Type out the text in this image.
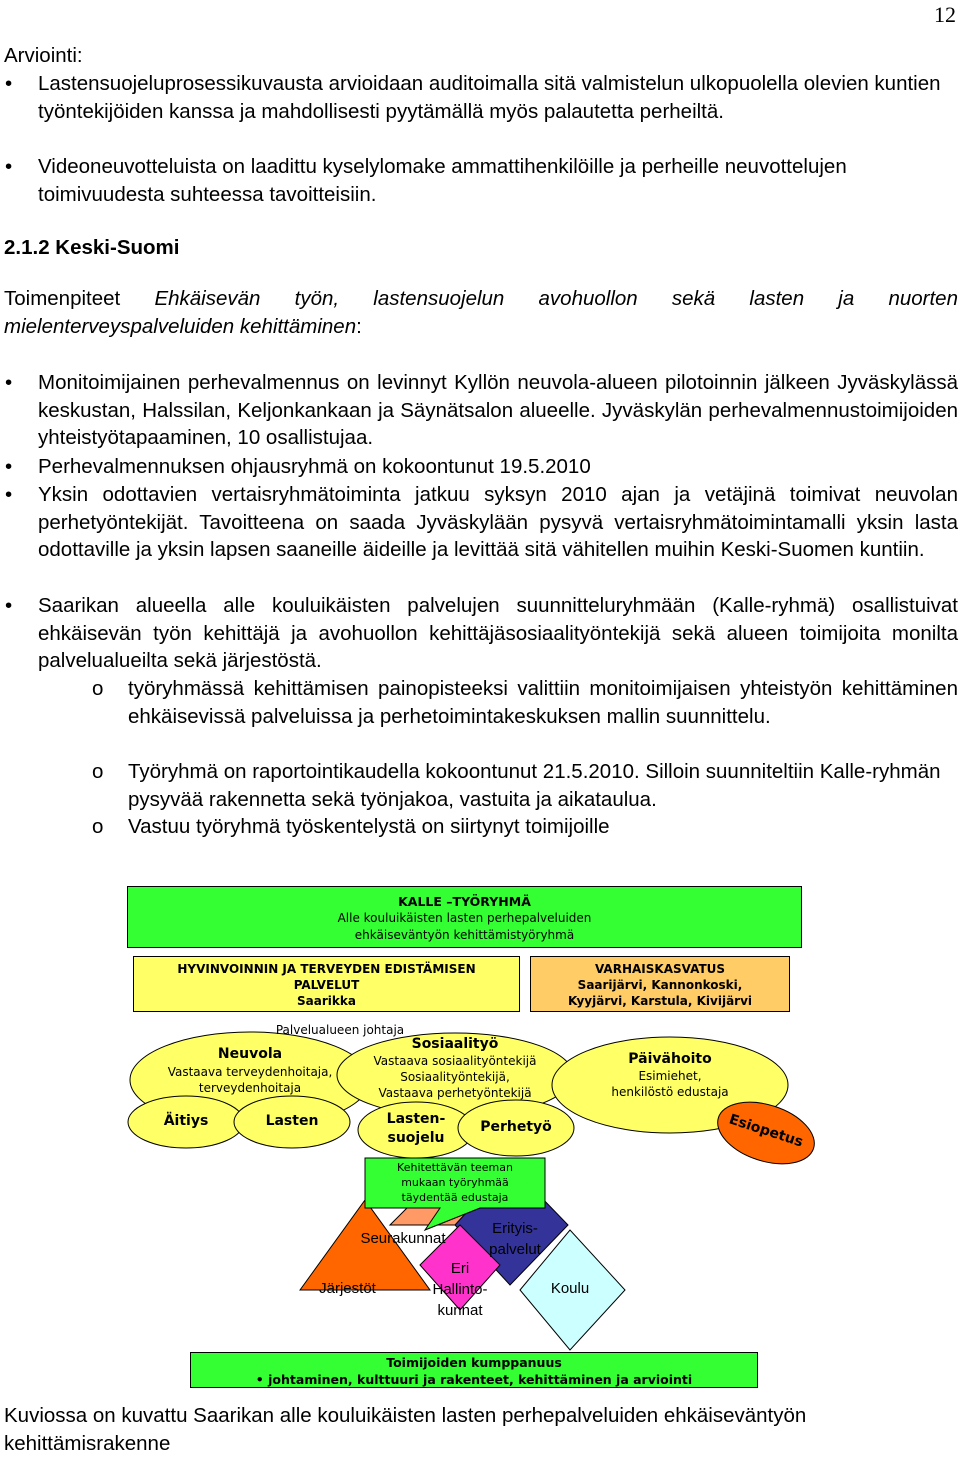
12
Arviointi:
• Lastensuojeluprosessikuvausta arvioidaan auditoimalla sitä valmistelun ulkopuolella olevien kuntien työntekijöiden kanssa ja mahdollisesti pyytämällä myös palautetta perheiltä.
• Videoneuvotteluista on laadittu kyselylomake ammattihenkilöille ja perheille neuvottelujen toimivuudesta suhteessa tavoitteisiin.
2.1.2 Keski-Suomi
Toimenpiteet Ehkäisevän työn, lastensuojelun avohuollon sekä lasten ja nuorten mielenterveyspalveluiden kehittäminen:
• Monitoimijainen perhevalmennus on levinnyt Kyllön neuvola-alueen pilotoinnin jälkeen Jyväskylässä keskustan, Halssilan, Keljonkankaan ja Säynätsalon alueelle. Jyväskylän perhevalmennustoimijoiden yhteistyötapaaminen, 10 osallistujaa.
• Perhevalmennuksen ohjausryhmä on kokoontunut 19.5.2010
• Yksin odottavien vertaisryhmätoiminta jatkuu syksyn 2010 ajan ja vetäjinä toimivat neuvolan perhetyöntekijät. Tavoitteena on saada Jyväskylään pysyvä vertaisryhmätoimintamalli yksin lasta odottaville ja yksin lapsen saaneille äideille ja levittää sitä vähitellen muihin Keski-Suomen kuntiin.
• Saarikan alueella alle kouluikäisten palvelujen suunnitteluryhmään (Kalle-ryhmä) osallistuivat ehkäisevän työn kehittäjä ja avohuollon kehittäjäsosiaalityöntekijä sekä alueen toimijoita monilta palvelualueilta sekä järjestöstä.
o työryhmässä kehittämisen painopisteeksi valittiin monitoimijaisen yhteistyön kehittäminen ehkäisevissä palveluissa ja perhetoimintakeskuksen mallin suunnittelu.
o Työryhmä on raportointikaudella kokoontunut 21.5.2010. Silloin suunniteltiin Kalle-ryhmän pysyvää rakennetta sekä työnjakoa, vastuita ja aikataulua.
o Vastuu työryhmä työskentelystä on siirtynyt toimijoille
KALLE –TYÖRYHMÄ
Alle kouluikäisten lasten perhepalveluiden
ehkäiseväntyön kehittämistyöryhmä
HYVINVOINNIN JA TERVEYDEN EDISTÄMISEN
PALVELUT
Saarikka
VARHAISKASVATUS
Saarijärvi, Kannonkoski,
Kyyjärvi, Karstula, Kivijärvi
Palvelualueen johtaja
Neuvola
Vastaava terveydenhoitaja,
terveydenhoitaja
Sosiaalityö
Vastaava sosiaalityöntekijä
Sosiaalityöntekijä,
Vastaava perhetyöntekijä
Päivähoito
Esimiehet,
henkilöstö edustaja
Äitiys	Lasten	Lasten-
suojelu
Perhetyö	Esiopetus
Kehitettävän teeman
mukaan työryhmää
täydentää edustaja
Seurakunnat
Erityis-
palvelut
Järjestöt
Eri
Hallinto-
kunnat
Koulu
Toimijoiden kumppanuus
• johtaminen, kulttuuri ja rakenteet, kehittäminen ja arviointi
Kuviossa on kuvattu Saarikan alle kouluikäisten lasten perhepalveluiden ehkäiseväntyön kehittämisrakenne
